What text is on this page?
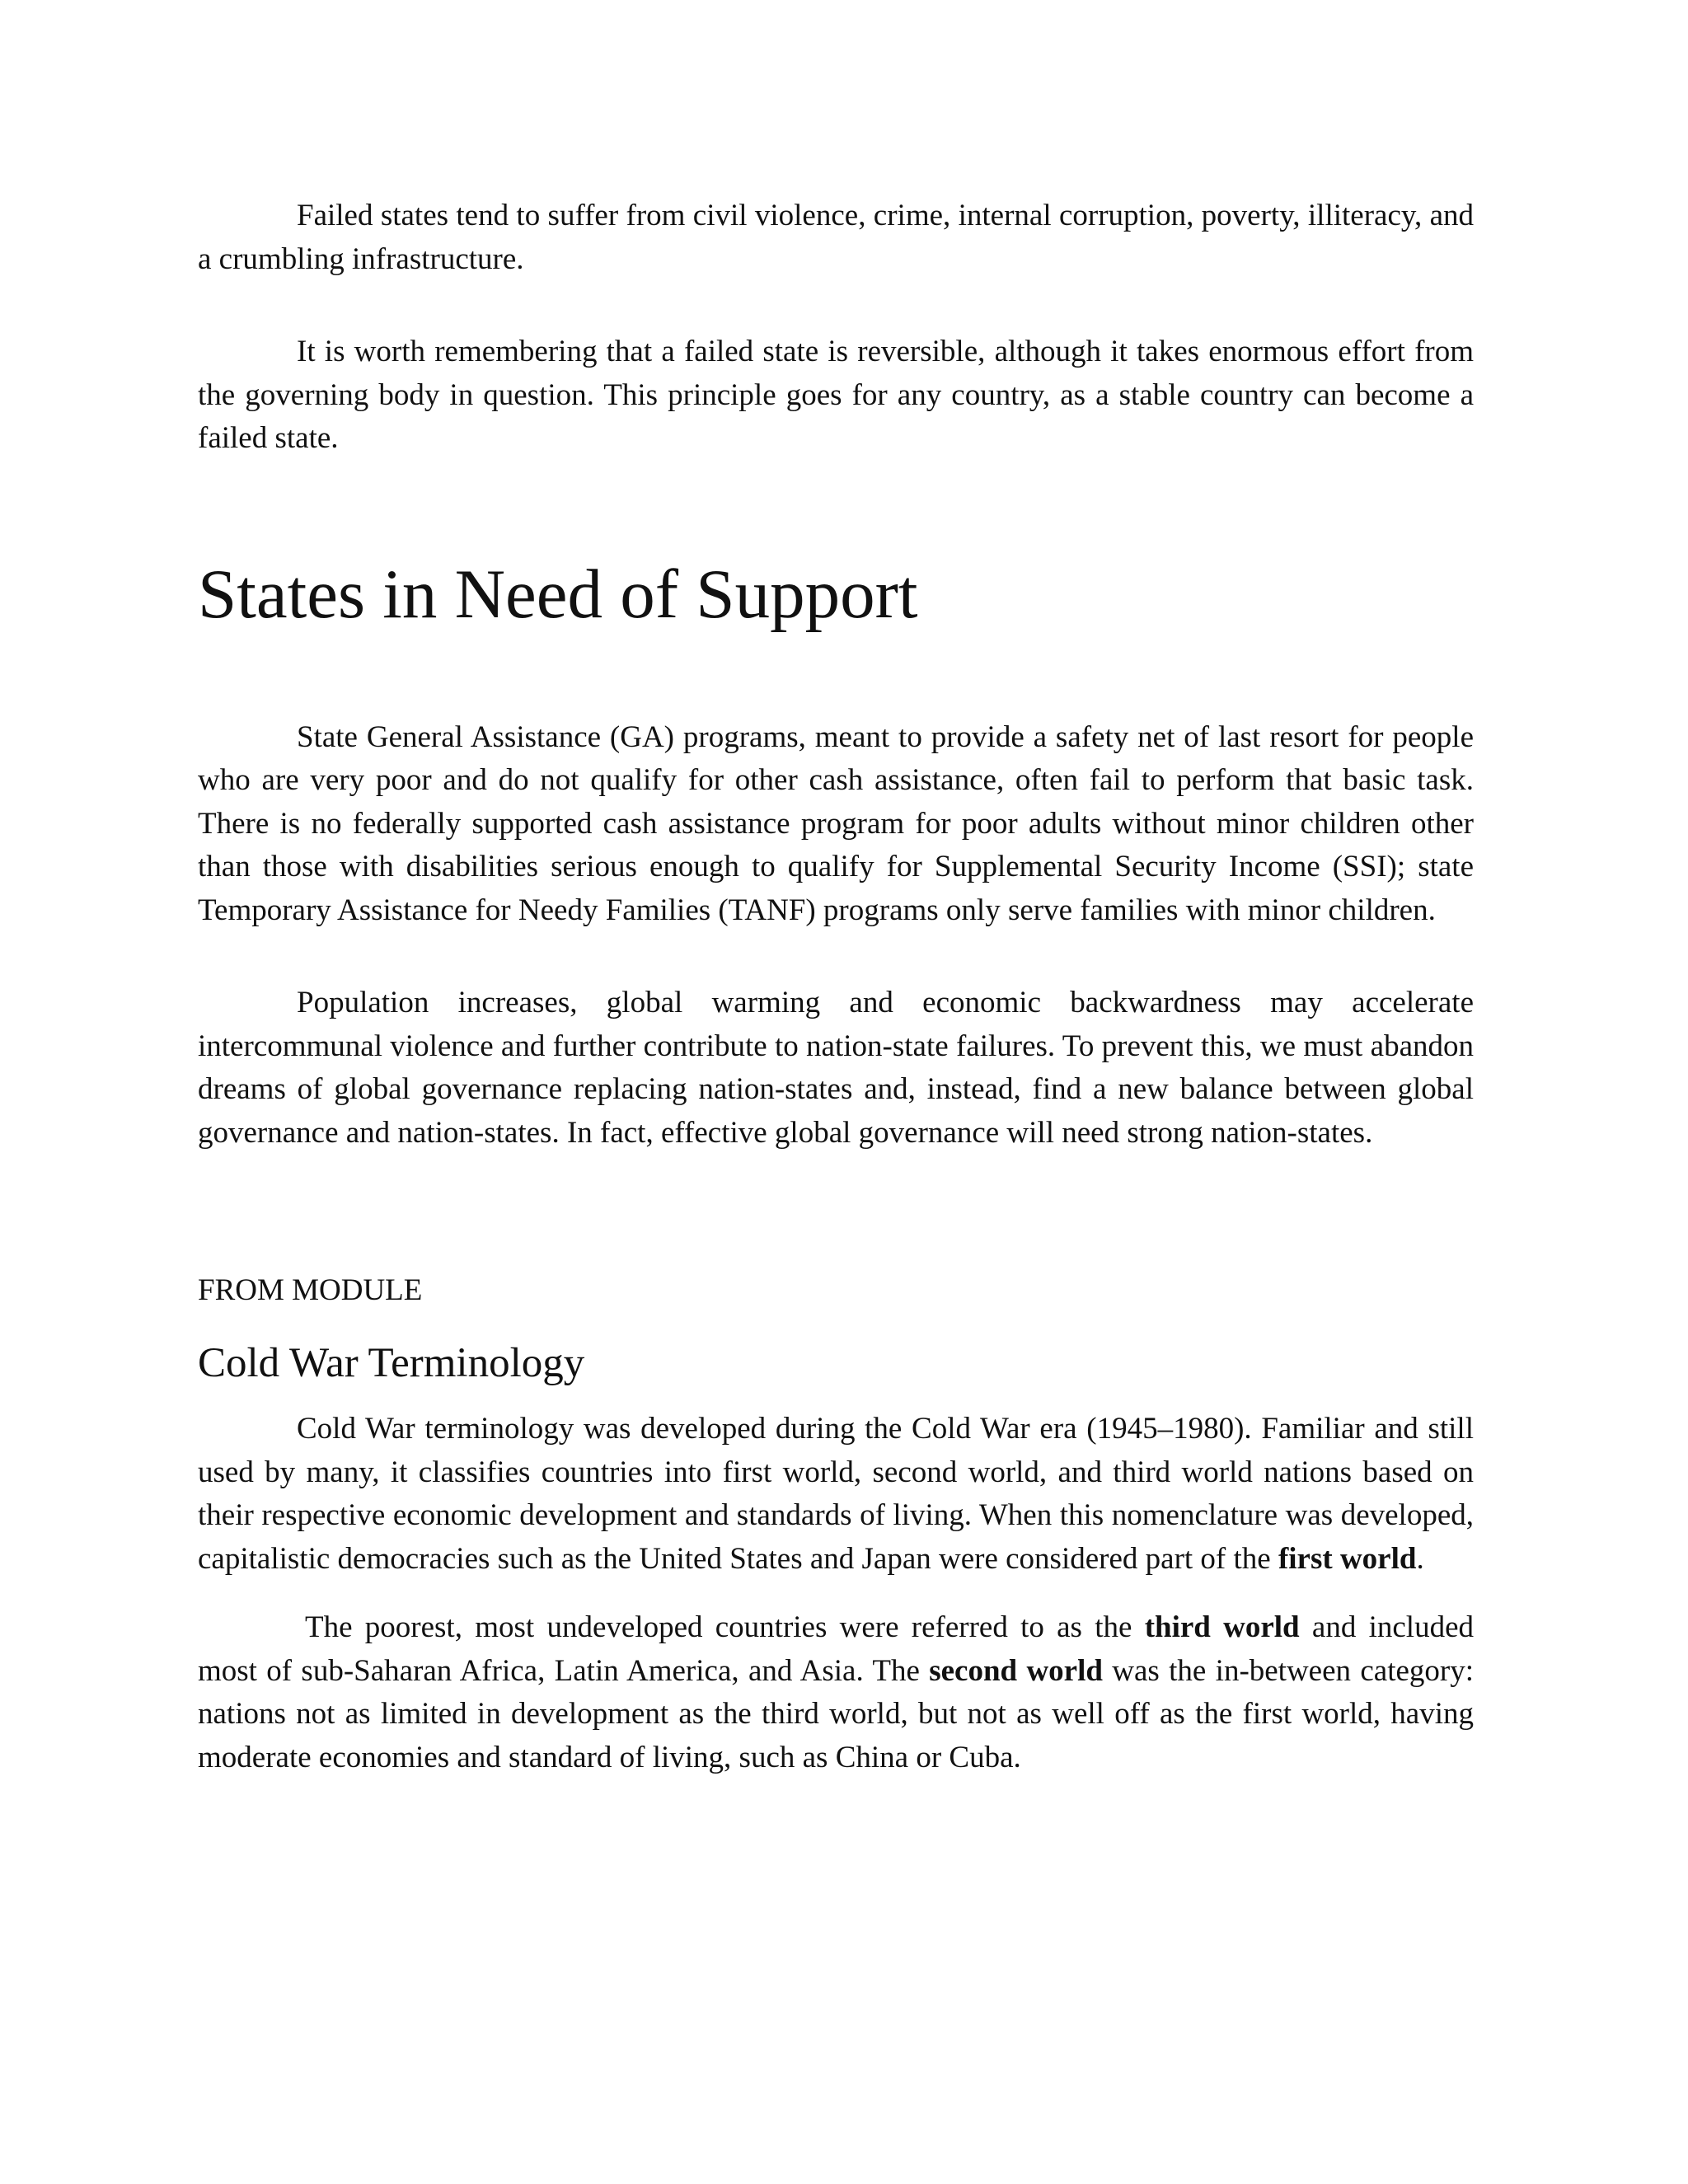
Failed states tend to suffer from civil violence, crime, internal corruption, poverty, illiteracy, and a crumbling infrastructure.

It is worth remembering that a failed state is reversible, although it takes enormous effort from the governing body in question. This principle goes for any country, as a stable country can become a failed state.

States in Need of Support

State General Assistance (GA) programs, meant to provide a safety net of last resort for people who are very poor and do not qualify for other cash assistance, often fail to perform that basic task. There is no federally supported cash assistance program for poor adults without minor children other than those with disabilities serious enough to qualify for Supplemental Security Income (SSI); state Temporary Assistance for Needy Families (TANF) programs only serve families with minor children.

Population increases, global warming and economic backwardness may accelerate intercommunal violence and further contribute to nation-state failures. To prevent this, we must abandon dreams of global governance replacing nation-states and, instead, find a new balance between global governance and nation-states. In fact, effective global governance will need strong nation-states.

FROM MODULE

Cold War Terminology

Cold War terminology was developed during the Cold War era (1945–1980). Familiar and still used by many, it classifies countries into first world, second world, and third world nations based on their respective economic development and standards of living. When this nomenclature was developed, capitalistic democracies such as the United States and Japan were considered part of the first world.

The poorest, most undeveloped countries were referred to as the third world and included most of sub-Saharan Africa, Latin America, and Asia. The second world was the in-between category: nations not as limited in development as the third world, but not as well off as the first world, having moderate economies and standard of living, such as China or Cuba.
